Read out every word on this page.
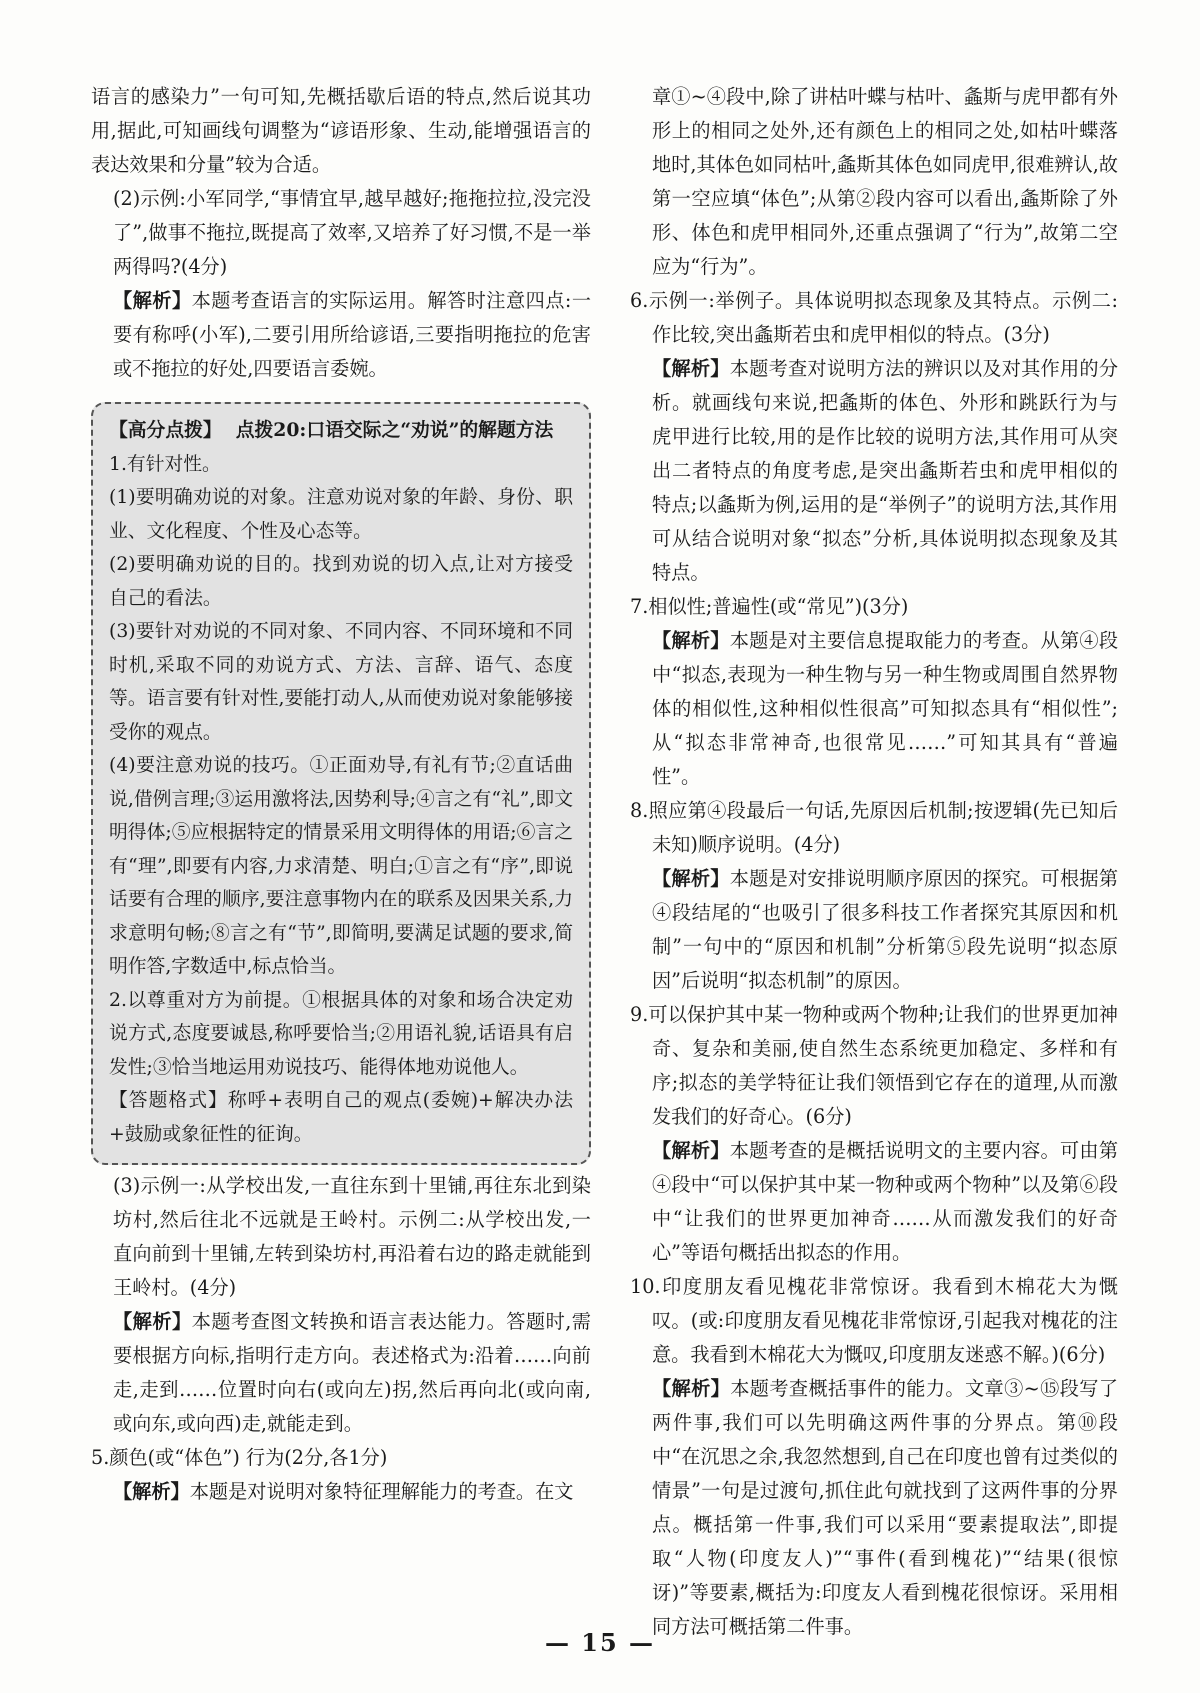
语言的感染力”一句可知,先概括歇后语的特点,然后说其功用,据此,可知画线句调整为“谚语形象、生动,能增强语言的表达效果和分量”较为合适。

(2)示例:小军同学,“事情宜早,越早越好;拖拖拉拉,没完没了”,做事不拖拉,既提高了效率,又培养了好习惯,不是一举两得吗?(4分)

【解析】本题考查语言的实际运用。解答时注意四点:一要有称呼(小军),二要引用所给谚语,三要指明拖拉的危害或不拖拉的好处,四要语言委婉。

【高分点拨】 点拨20:口语交际之“劝说”的解题方法

1.有针对性。

(1)要明确劝说的对象。注意劝说对象的年龄、身份、职业、文化程度、个性及心态等。

(2)要明确劝说的目的。找到劝说的切入点,让对方接受自己的看法。

(3)要针对劝说的不同对象、不同内容、不同环境和不同时机,采取不同的劝说方式、方法、言辞、语气、态度等。语言要有针对性,要能打动人,从而使劝说对象能够接受你的观点。

(4)要注意劝说的技巧。①正面劝导,有礼有节;②直话曲说,借例言理;③运用激将法,因势利导;④言之有“礼”,即文明得体;⑤应根据特定的情景采用文明得体的用语;⑥言之有“理”,即要有内容,力求清楚、明白;①言之有“序”,即说话要有合理的顺序,要注意事物内在的联系及因果关系,力求意明句畅;⑧言之有“节”,即简明,要满足试题的要求,简明作答,字数适中,标点恰当。

2.以尊重对方为前提。①根据具体的对象和场合决定劝说方式,态度要诚恳,称呼要恰当;②用语礼貌,话语具有启发性;③恰当地运用劝说技巧、能得体地劝说他人。

【答题格式】称呼+表明自己的观点(委婉)+解决办法+鼓励或象征性的征询。

(3)示例一:从学校出发,一直往东到十里铺,再往东北到染坊村,然后往北不远就是王岭村。示例二:从学校出发,一直向前到十里铺,左转到染坊村,再沿着右边的路走就能到王岭村。(4分)

【解析】本题考查图文转换和语言表达能力。答题时,需要根据方向标,指明行走方向。表述格式为:沿着……向前走,走到……位置时向右(或向左)拐,然后再向北(或向南,或向东,或向西)走,就能走到。

5.颜色(或“体色”) 行为(2分,各1分)

【解析】本题是对说明对象特征理解能力的考查。在文

章①~④段中,除了讲枯叶蝶与枯叶、螽斯与虎甲都有外形上的相同之处外,还有颜色上的相同之处,如枯叶蝶落地时,其体色如同枯叶,螽斯其体色如同虎甲,很难辨认,故第一空应填“体色”;从第②段内容可以看出,螽斯除了外形、体色和虎甲相同外,还重点强调了“行为”,故第二空应为“行为”。

6.示例一:举例子。具体说明拟态现象及其特点。示例二:作比较,突出螽斯若虫和虎甲相似的特点。(3分)

【解析】本题考查对说明方法的辨识以及对其作用的分析。就画线句来说,把螽斯的体色、外形和跳跃行为与虎甲进行比较,用的是作比较的说明方法,其作用可从突出二者特点的角度考虑,是突出螽斯若虫和虎甲相似的特点;以螽斯为例,运用的是“举例子”的说明方法,其作用可从结合说明对象“拟态”分析,具体说明拟态现象及其特点。

7.相似性;普遍性(或“常见”)(3分)

【解析】本题是对主要信息提取能力的考查。从第④段中“拟态,表现为一种生物与另一种生物或周围自然界物体的相似性,这种相似性很高”可知拟态具有“相似性”;从“拟态非常神奇,也很常见……”可知其具有“普遍性”。

8.照应第④段最后一句话,先原因后机制;按逻辑(先已知后未知)顺序说明。(4分)

【解析】本题是对安排说明顺序原因的探究。可根据第④段结尾的“也吸引了很多科技工作者探究其原因和机制”一句中的“原因和机制”分析第⑤段先说明“拟态原因”后说明“拟态机制”的原因。

9.可以保护其中某一物种或两个物种;让我们的世界更加神奇、复杂和美丽,使自然生态系统更加稳定、多样和有序;拟态的美学特征让我们领悟到它存在的道理,从而激发我们的好奇心。(6分)

【解析】本题考查的是概括说明文的主要内容。可由第④段中“可以保护其中某一物种或两个物种”以及第⑥段中“让我们的世界更加神奇……从而激发我们的好奇心”等语句概括出拟态的作用。

10.印度朋友看见槐花非常惊讶。我看到木棉花大为慨叹。(或:印度朋友看见槐花非常惊讶,引起我对槐花的注意。我看到木棉花大为慨叹,印度朋友迷惑不解。)(6分)

【解析】本题考查概括事件的能力。文章③~⑮段写了两件事,我们可以先明确这两件事的分界点。第⑩段中“在沉思之余,我忽然想到,自己在印度也曾有过类似的情景”一句是过渡句,抓住此句就找到了这两件事的分界点。概括第一件事,我们可以采用“要素提取法”,即提取“人物(印度友人)”“事件(看到槐花)”“结果(很惊讶)”等要素,概括为:印度友人看到槐花很惊讶。采用相同方法可概括第二件事。

— 15 —
